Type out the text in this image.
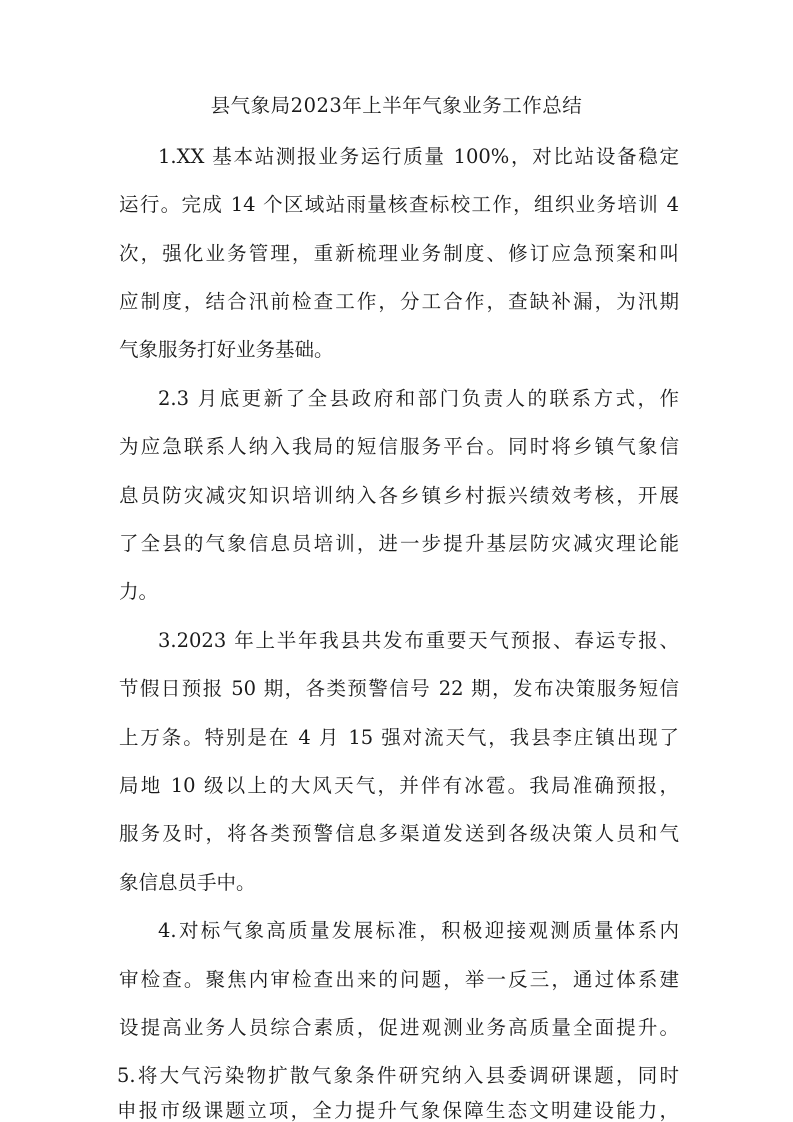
县气象局2023年上半年气象业务工作总结

1.XX 基本站测报业务运行质量 100%，对比站设备稳定

运行。完成 14 个区域站雨量核查标校工作，组织业务培训 4

次，强化业务管理，重新梳理业务制度、修订应急预案和叫

应制度，结合汛前检查工作，分工合作，查缺补漏，为汛期

气象服务打好业务基础。

2.3 月底更新了全县政府和部门负责人的联系方式，作

为应急联系人纳入我局的短信服务平台。同时将乡镇气象信

息员防灾减灾知识培训纳入各乡镇乡村振兴绩效考核，开展

了全县的气象信息员培训，进一步提升基层防灾减灾理论能

力。

3.2023 年上半年我县共发布重要天气预报、春运专报、

节假日预报 50 期，各类预警信号 22 期，发布决策服务短信

上万条。特别是在 4 月 15 强对流天气，我县李庄镇出现了

局地 10 级以上的大风天气，并伴有冰雹。我局准确预报，

服务及时，将各类预警信息多渠道发送到各级决策人员和气

象信息员手中。

4.对标气象高质量发展标准，积极迎接观测质量体系内

审检查。聚焦内审检查出来的问题，举一反三，通过体系建

设提高业务人员综合素质，促进观测业务高质量全面提升。

5.将大气污染物扩散气象条件研究纳入县委调研课题，同时

申报市级课题立项，全力提升气象保障生态文明建设能力，
